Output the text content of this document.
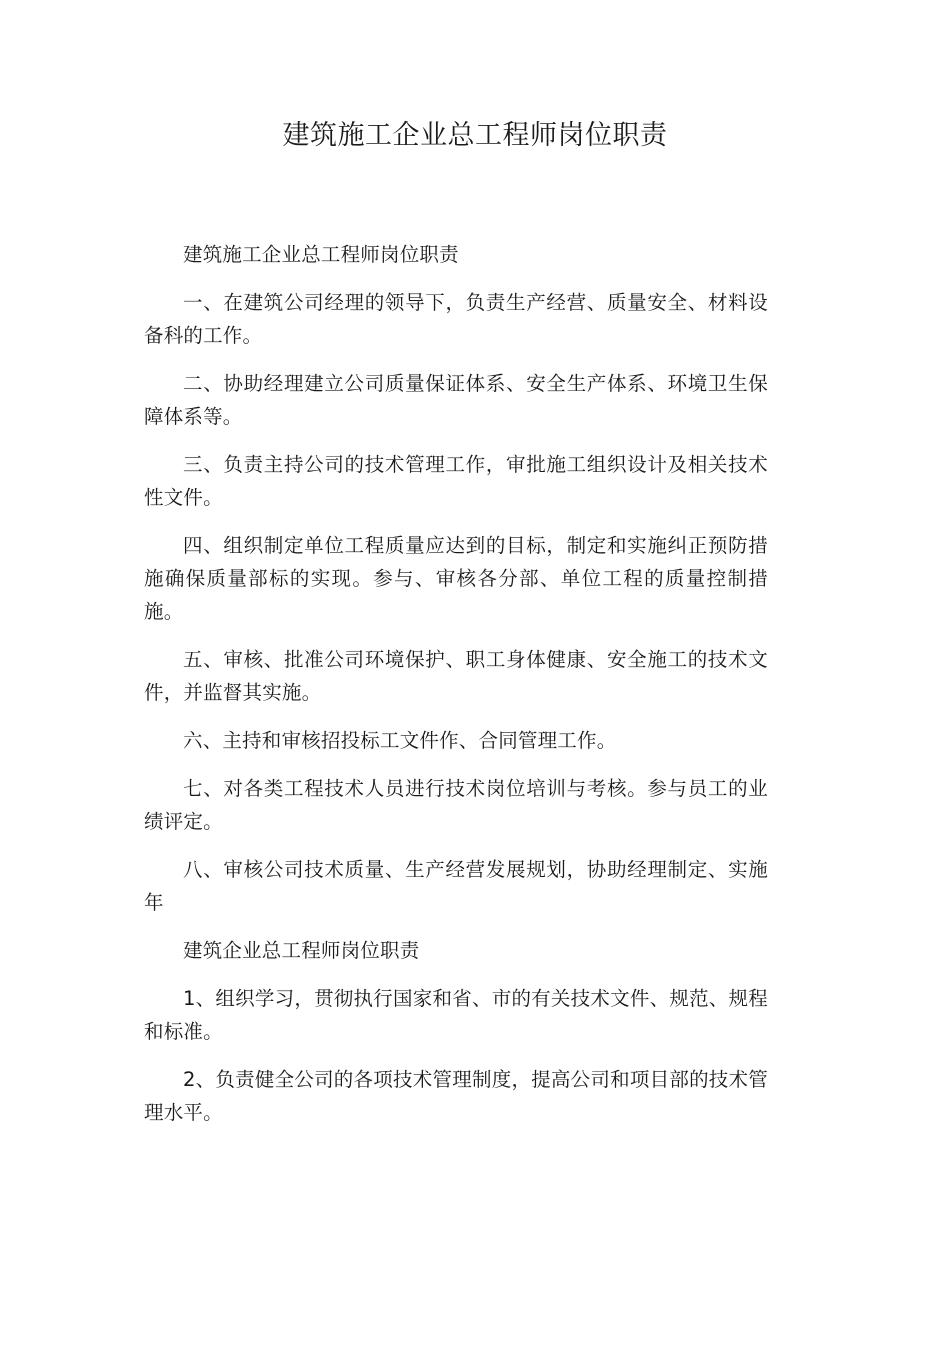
建筑施工企业总工程师岗位职责

建筑施工企业总工程师岗位职责

一、在建筑公司经理的领导下，负责生产经营、质量安全、材料设备科的工作。

二、协助经理建立公司质量保证体系、安全生产体系、环境卫生保障体系等。

三、负责主持公司的技术管理工作，审批施工组织设计及相关技术性文件。

四、组织制定单位工程质量应达到的目标，制定和实施纠正预防措施确保质量部标的实现。参与、审核各分部、单位工程的质量控制措施。

五、审核、批准公司环境保护、职工身体健康、安全施工的技术文件，并监督其实施。

六、主持和审核招投标工文件作、合同管理工作。

七、对各类工程技术人员进行技术岗位培训与考核。参与员工的业绩评定。

八、审核公司技术质量、生产经营发展规划，协助经理制定、实施年

建筑企业总工程师岗位职责

1、组织学习，贯彻执行国家和省、市的有关技术文件、规范、规程和标准。

2、负责健全公司的各项技术管理制度，提高公司和项目部的技术管理水平。
